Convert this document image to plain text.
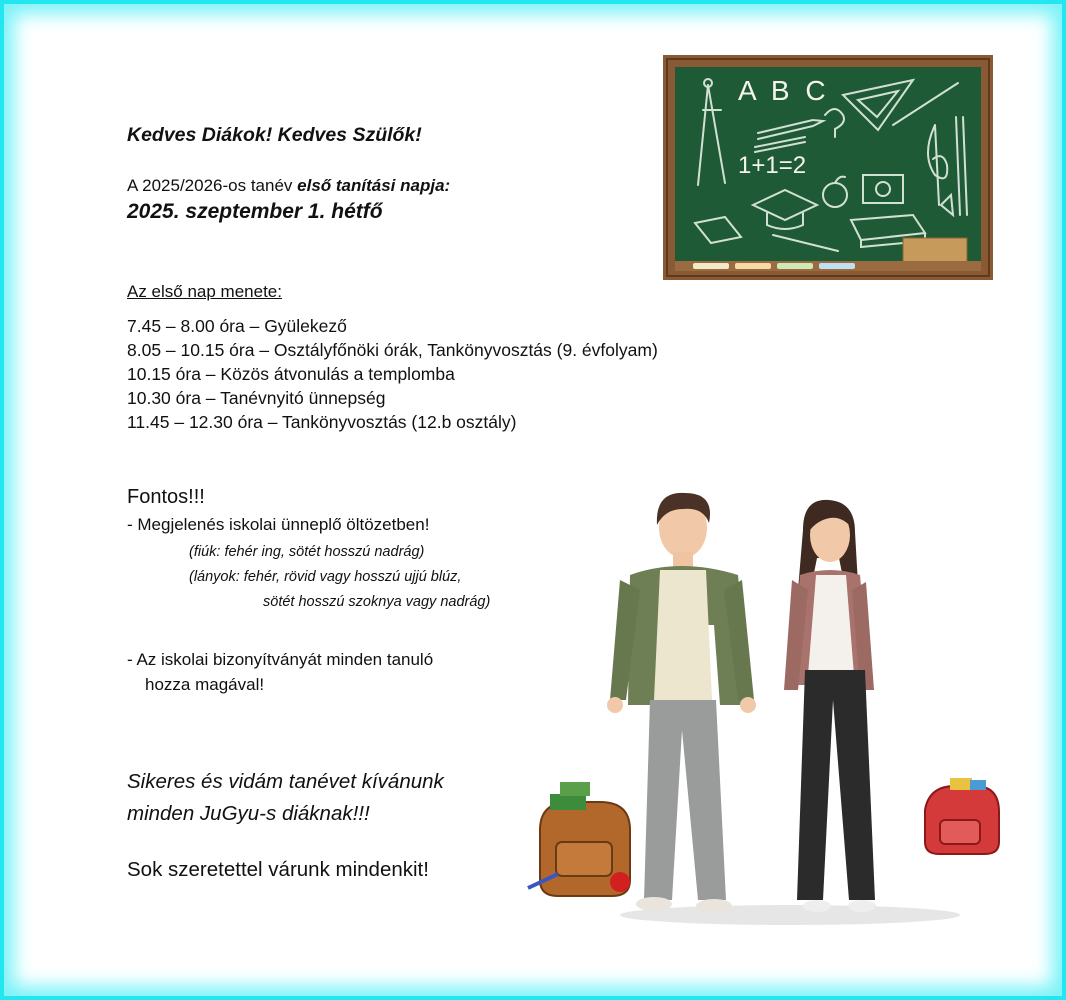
Kedves Diákok! Kedves Szülők!
A 2025/2026-os tanév első tanítási napja:
2025. szeptember 1. hétfő
Az első nap menete:
7.45 – 8.00 óra – Gyülekező
8.05 – 10.15 óra – Osztályfőnöki órák, Tankönyvosztás (9. évfolyam)
10.15 óra – Közös átvonulás a templomba
10.30 óra – Tanévnyitó ünnepség
11.45 – 12.30 óra – Tankönyvosztás (12.b osztály)
Fontos!!!
- Megjelenés iskolai ünneplő öltözetben!
(fiúk: fehér ing, sötét hosszú nadrág)
(lányok: fehér, rövid vagy hosszú ujjú blúz,
sötét hosszú szoknya vagy nadrág)
- Az iskolai bizonyítványát minden tanuló
hozza magával!
Sikeres és vidám tanévet kívánunk
minden JuGyu-s diáknak!!!
Sok szeretettel várunk mindenkit!
A B C
1+1=2
